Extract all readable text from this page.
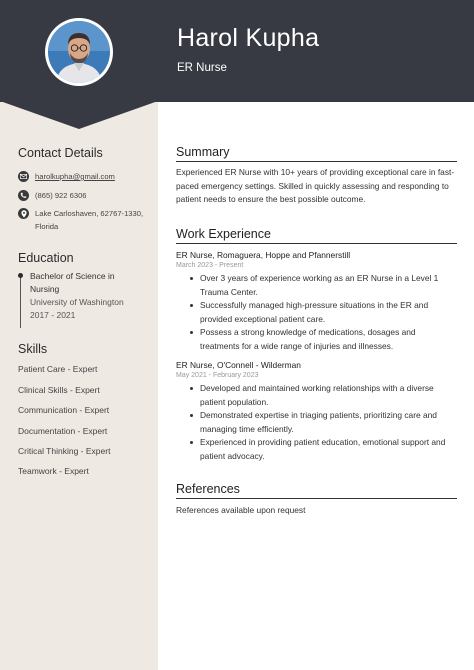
Harol Kupha
ER Nurse
Contact Details
harolkupha@gmail.com
(865) 922 6306
Lake Carloshaven, 62767-1330,
Florida
Education
Bachelor of Science in
Nursing
University of Washington
2017 - 2021
Skills
Patient Care - Expert
Clinical Skills - Expert
Communication - Expert
Documentation - Expert
Critical Thinking - Expert
Teamwork - Expert
Summary
Experienced ER Nurse with 10+ years of providing exceptional care in fast-paced emergency settings. Skilled in quickly assessing and responding to patient needs to ensure the best possible outcome.
Work Experience
ER Nurse, Romaguera, Hoppe and Pfannerstill
March 2023 - Present
Over 3 years of experience working as an ER Nurse in a Level 1 Trauma Center.
Successfully managed high-pressure situations in the ER and provided exceptional patient care.
Possess a strong knowledge of medications, dosages and treatments for a wide range of injuries and illnesses.
ER Nurse, O'Connell - Wilderman
May 2021 - February 2023
Developed and maintained working relationships with a diverse patient population.
Demonstrated expertise in triaging patients, prioritizing care and managing time efficiently.
Experienced in providing patient education, emotional support and patient advocacy.
References
References available upon request
